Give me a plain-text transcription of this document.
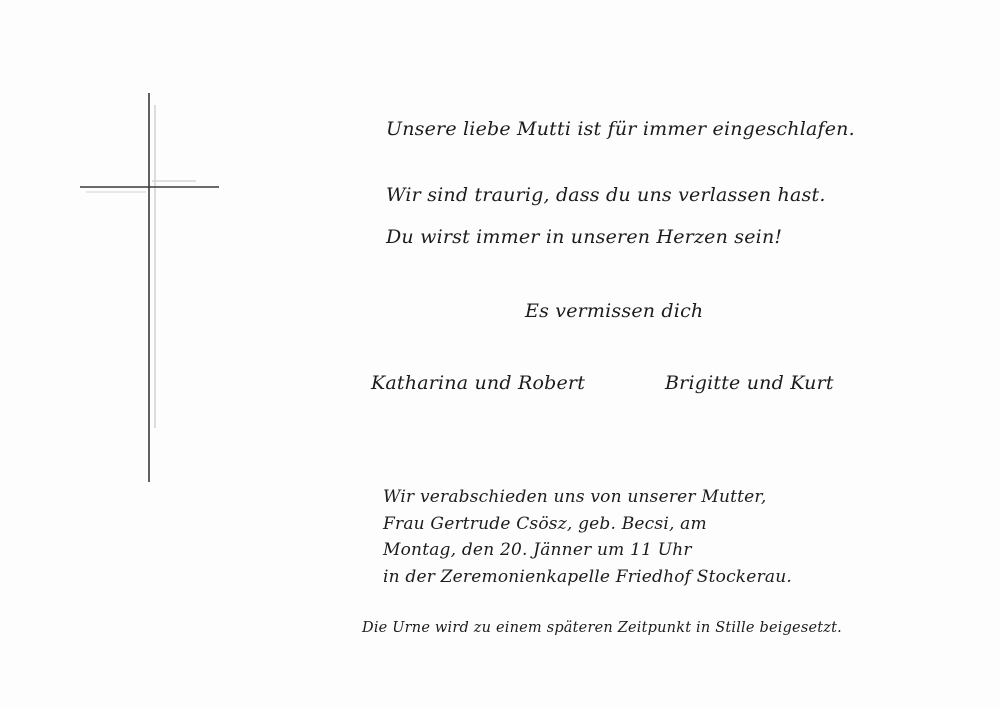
Unsere liebe Mutti ist für immer eingeschlafen.
Wir sind traurig, dass du uns verlassen hast.
Du wirst immer in unseren Herzen sein!
Es vermissen dich
Katharina und Robert	Brigitte und Kurt
Wir verabschieden uns von unserer Mutter,
Frau Gertrude Csösz, geb. Becsi, am
Montag, den 20. Jänner um 11 Uhr
in der Zeremonienkapelle Friedhof Stockerau.
Die Urne wird zu einem späteren Zeitpunkt in Stille beigesetzt.
